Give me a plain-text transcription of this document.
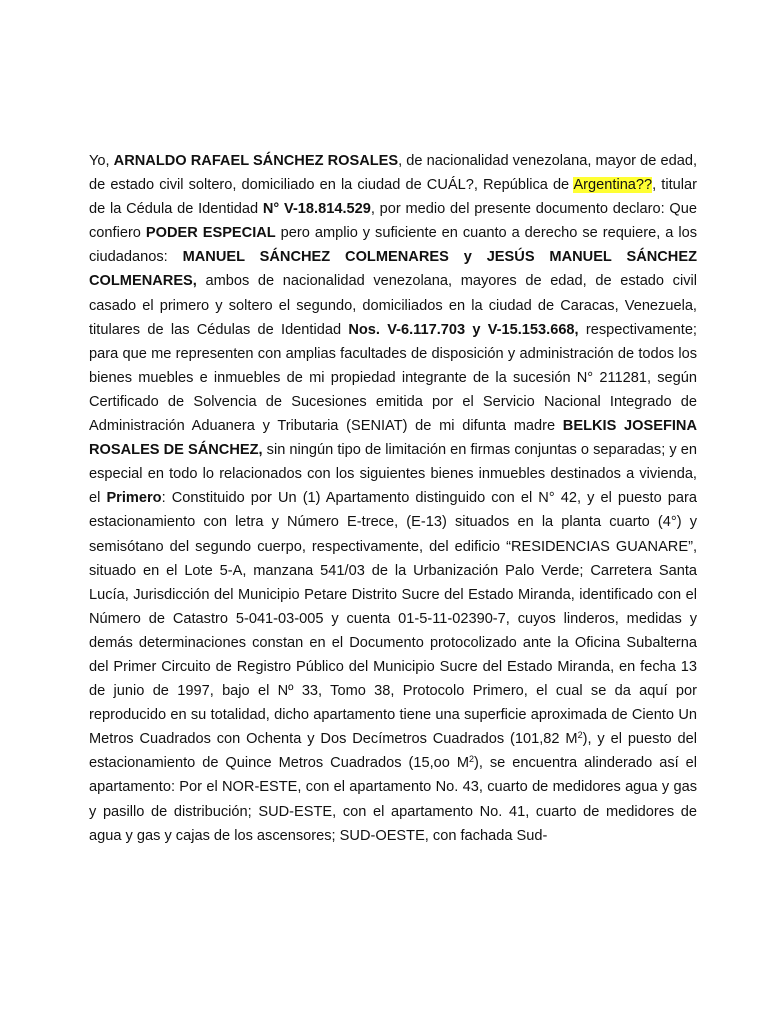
Yo, ARNALDO RAFAEL SÁNCHEZ ROSALES, de nacionalidad venezolana, mayor de edad, de estado civil soltero, domiciliado en la ciudad de CUÁL?, República de Argentina??, titular de la Cédula de Identidad N° V-18.814.529, por medio del presente documento declaro: Que confiero PODER ESPECIAL pero amplio y suficiente en cuanto a derecho se requiere, a los ciudadanos: MANUEL SÁNCHEZ COLMENARES y JESÚS MANUEL SÁNCHEZ COLMENARES, ambos de nacionalidad venezolana, mayores de edad, de estado civil casado el primero y soltero el segundo, domiciliados en la ciudad de Caracas, Venezuela, titulares de las Cédulas de Identidad Nos. V-6.117.703 y V-15.153.668, respectivamente; para que me representen con amplias facultades de disposición y administración de todos los bienes muebles e inmuebles de mi propiedad integrante de la sucesión N° 211281, según Certificado de Solvencia de Sucesiones emitida por el Servicio Nacional Integrado de Administración Aduanera y Tributaria (SENIAT) de mi difunta madre BELKIS JOSEFINA ROSALES DE SÁNCHEZ, sin ningún tipo de limitación en firmas conjuntas o separadas; y en especial en todo lo relacionados con los siguientes bienes inmuebles destinados a vivienda, el Primero: Constituido por Un (1) Apartamento distinguido con el N° 42, y el puesto para estacionamiento con letra y Número E-trece, (E-13) situados en la planta cuarto (4°) y semisótano del segundo cuerpo, respectivamente, del edificio “RESIDENCIAS GUANARE”, situado en el Lote 5-A, manzana 541/03 de la Urbanización Palo Verde; Carretera Santa Lucía, Jurisdicción del Municipio Petare Distrito Sucre del Estado Miranda, identificado con el Número de Catastro 5-041-03-005 y cuenta 01-5-11-02390-7, cuyos linderos, medidas y demás determinaciones constan en el Documento protocolizado ante la Oficina Subalterna del Primer Circuito de Registro Público del Municipio Sucre del Estado Miranda, en fecha 13 de junio de 1997, bajo el Nº 33, Tomo 38, Protocolo Primero, el cual se da aquí por reproducido en su totalidad, dicho apartamento tiene una superficie aproximada de Ciento Un Metros Cuadrados con Ochenta y Dos Decímetros Cuadrados (101,82 $M^2$), y el puesto del estacionamiento de Quince Metros Cuadrados (15,oo $M^2$), se encuentra alinderado así el apartamento: Por el NOR-ESTE, con el apartamento No. 43, cuarto de medidores agua y gas y pasillo de distribución; SUD-ESTE, con el apartamento No. 41, cuarto de medidores de agua y gas y cajas de los ascensores; SUD-OESTE, con fachada Sud-
